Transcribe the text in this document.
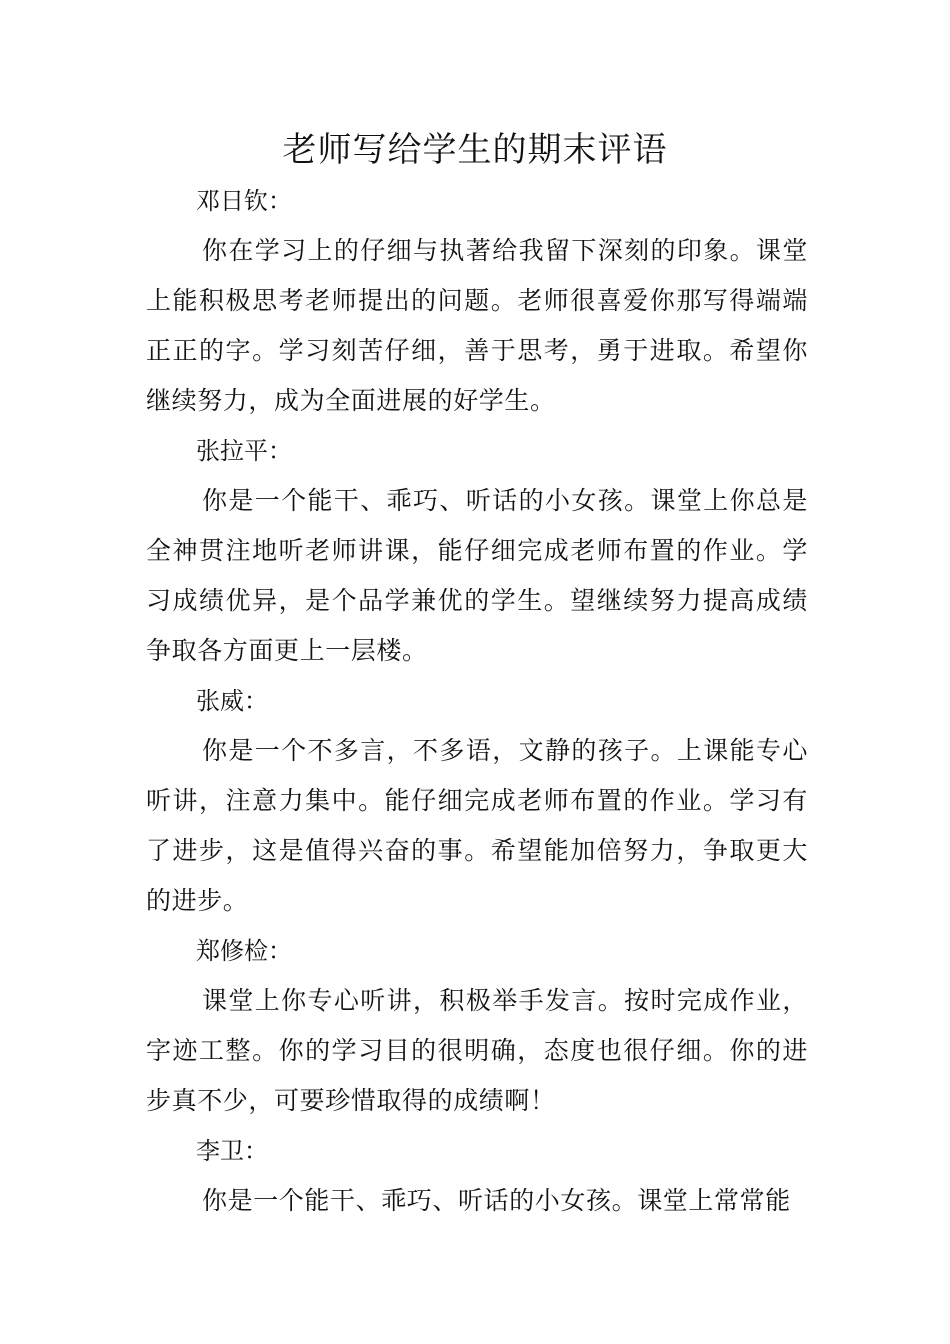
老师写给学生的期末评语

邓日钦：

你在学习上的仔细与执著给我留下深刻的印象。课堂上能积极思考老师提出的问题。老师很喜爱你那写得端端正正的字。学习刻苦仔细，善于思考，勇于进取。希望你继续努力，成为全面进展的好学生。

张拉平：

你是一个能干、乖巧、听话的小女孩。课堂上你总是全神贯注地听老师讲课，能仔细完成老师布置的作业。学习成绩优异，是个品学兼优的学生。望继续努力提高成绩争取各方面更上一层楼。

张威：

你是一个不多言，不多语，文静的孩子。上课能专心听讲，注意力集中。能仔细完成老师布置的作业。学习有了进步，这是值得兴奋的事。希望能加倍努力，争取更大的进步。

郑修检：

课堂上你专心听讲，积极举手发言。按时完成作业，字迹工整。你的学习目的很明确，态度也很仔细。你的进步真不少，可要珍惜取得的成绩啊！

李卫：

你是一个能干、乖巧、听话的小女孩。课堂上常常能
